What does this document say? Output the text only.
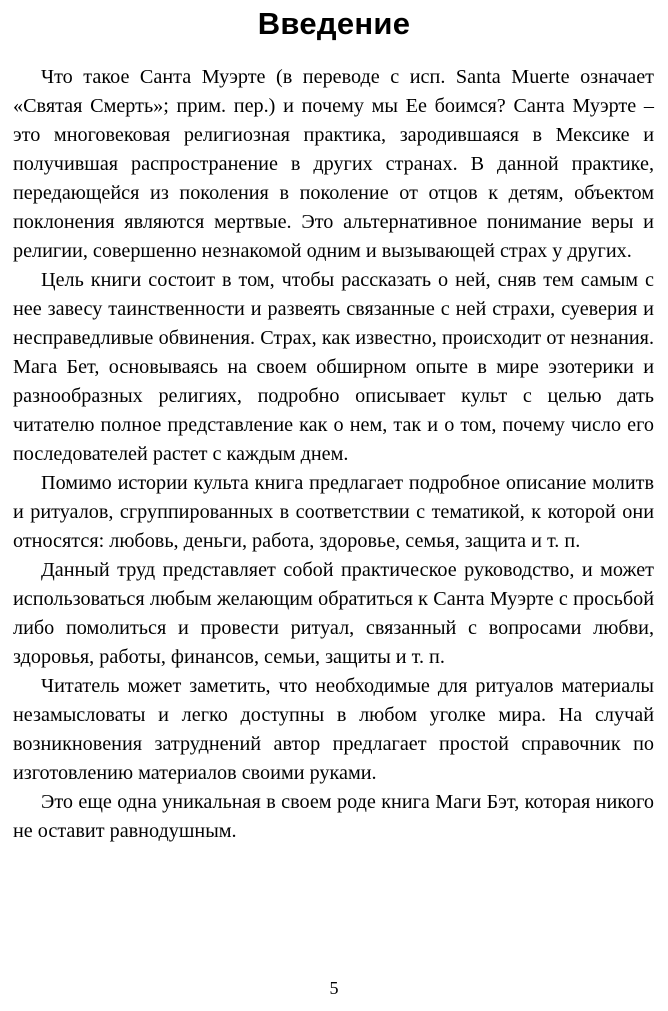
Введение

Что такое Санта Муэрте (в переводе с исп. Santa Muerte означает «Святая Смерть»; прим. пер.) и почему мы Ее боимся? Санта Муэрте – это многовековая религиозная практика, зародившаяся в Мексике и получившая распространение в других странах. В данной практике, передающейся из поколения в поколение от отцов к детям, объектом поклонения являются мертвые. Это альтернативное понимание веры и религии, совершенно незнакомой одним и вызывающей страх у других.

Цель книги состоит в том, чтобы рассказать о ней, сняв тем самым с нее завесу таинственности и развеять связанные с ней страхи, суеверия и несправедливые обвинения. Страх, как известно, происходит от незнания. Мага Бет, основываясь на своем обширном опыте в мире эзотерики и разнообразных религиях, подробно описывает культ с целью дать читателю полное представление как о нем, так и о том, почему число его последователей растет с каждым днем.

Помимо истории культа книга предлагает подробное описание молитв и ритуалов, сгруппированных в соответствии с тематикой, к которой они относятся: любовь, деньги, работа, здоровье, семья, защита и т. п.

Данный труд представляет собой практическое руководство, и может использоваться любым желающим обратиться к Санта Муэрте с просьбой либо помолиться и провести ритуал, связанный с вопросами любви, здоровья, работы, финансов, семьи, защиты и т. п.

Читатель может заметить, что необходимые для ритуалов материалы незамысловаты и легко доступны в любом уголке мира. На случай возникновения затруднений автор предлагает простой справочник по изготовлению материалов своими руками.

Это еще одна уникальная в своем роде книга Маги Бэт, которая никого не оставит равнодушным.

5
